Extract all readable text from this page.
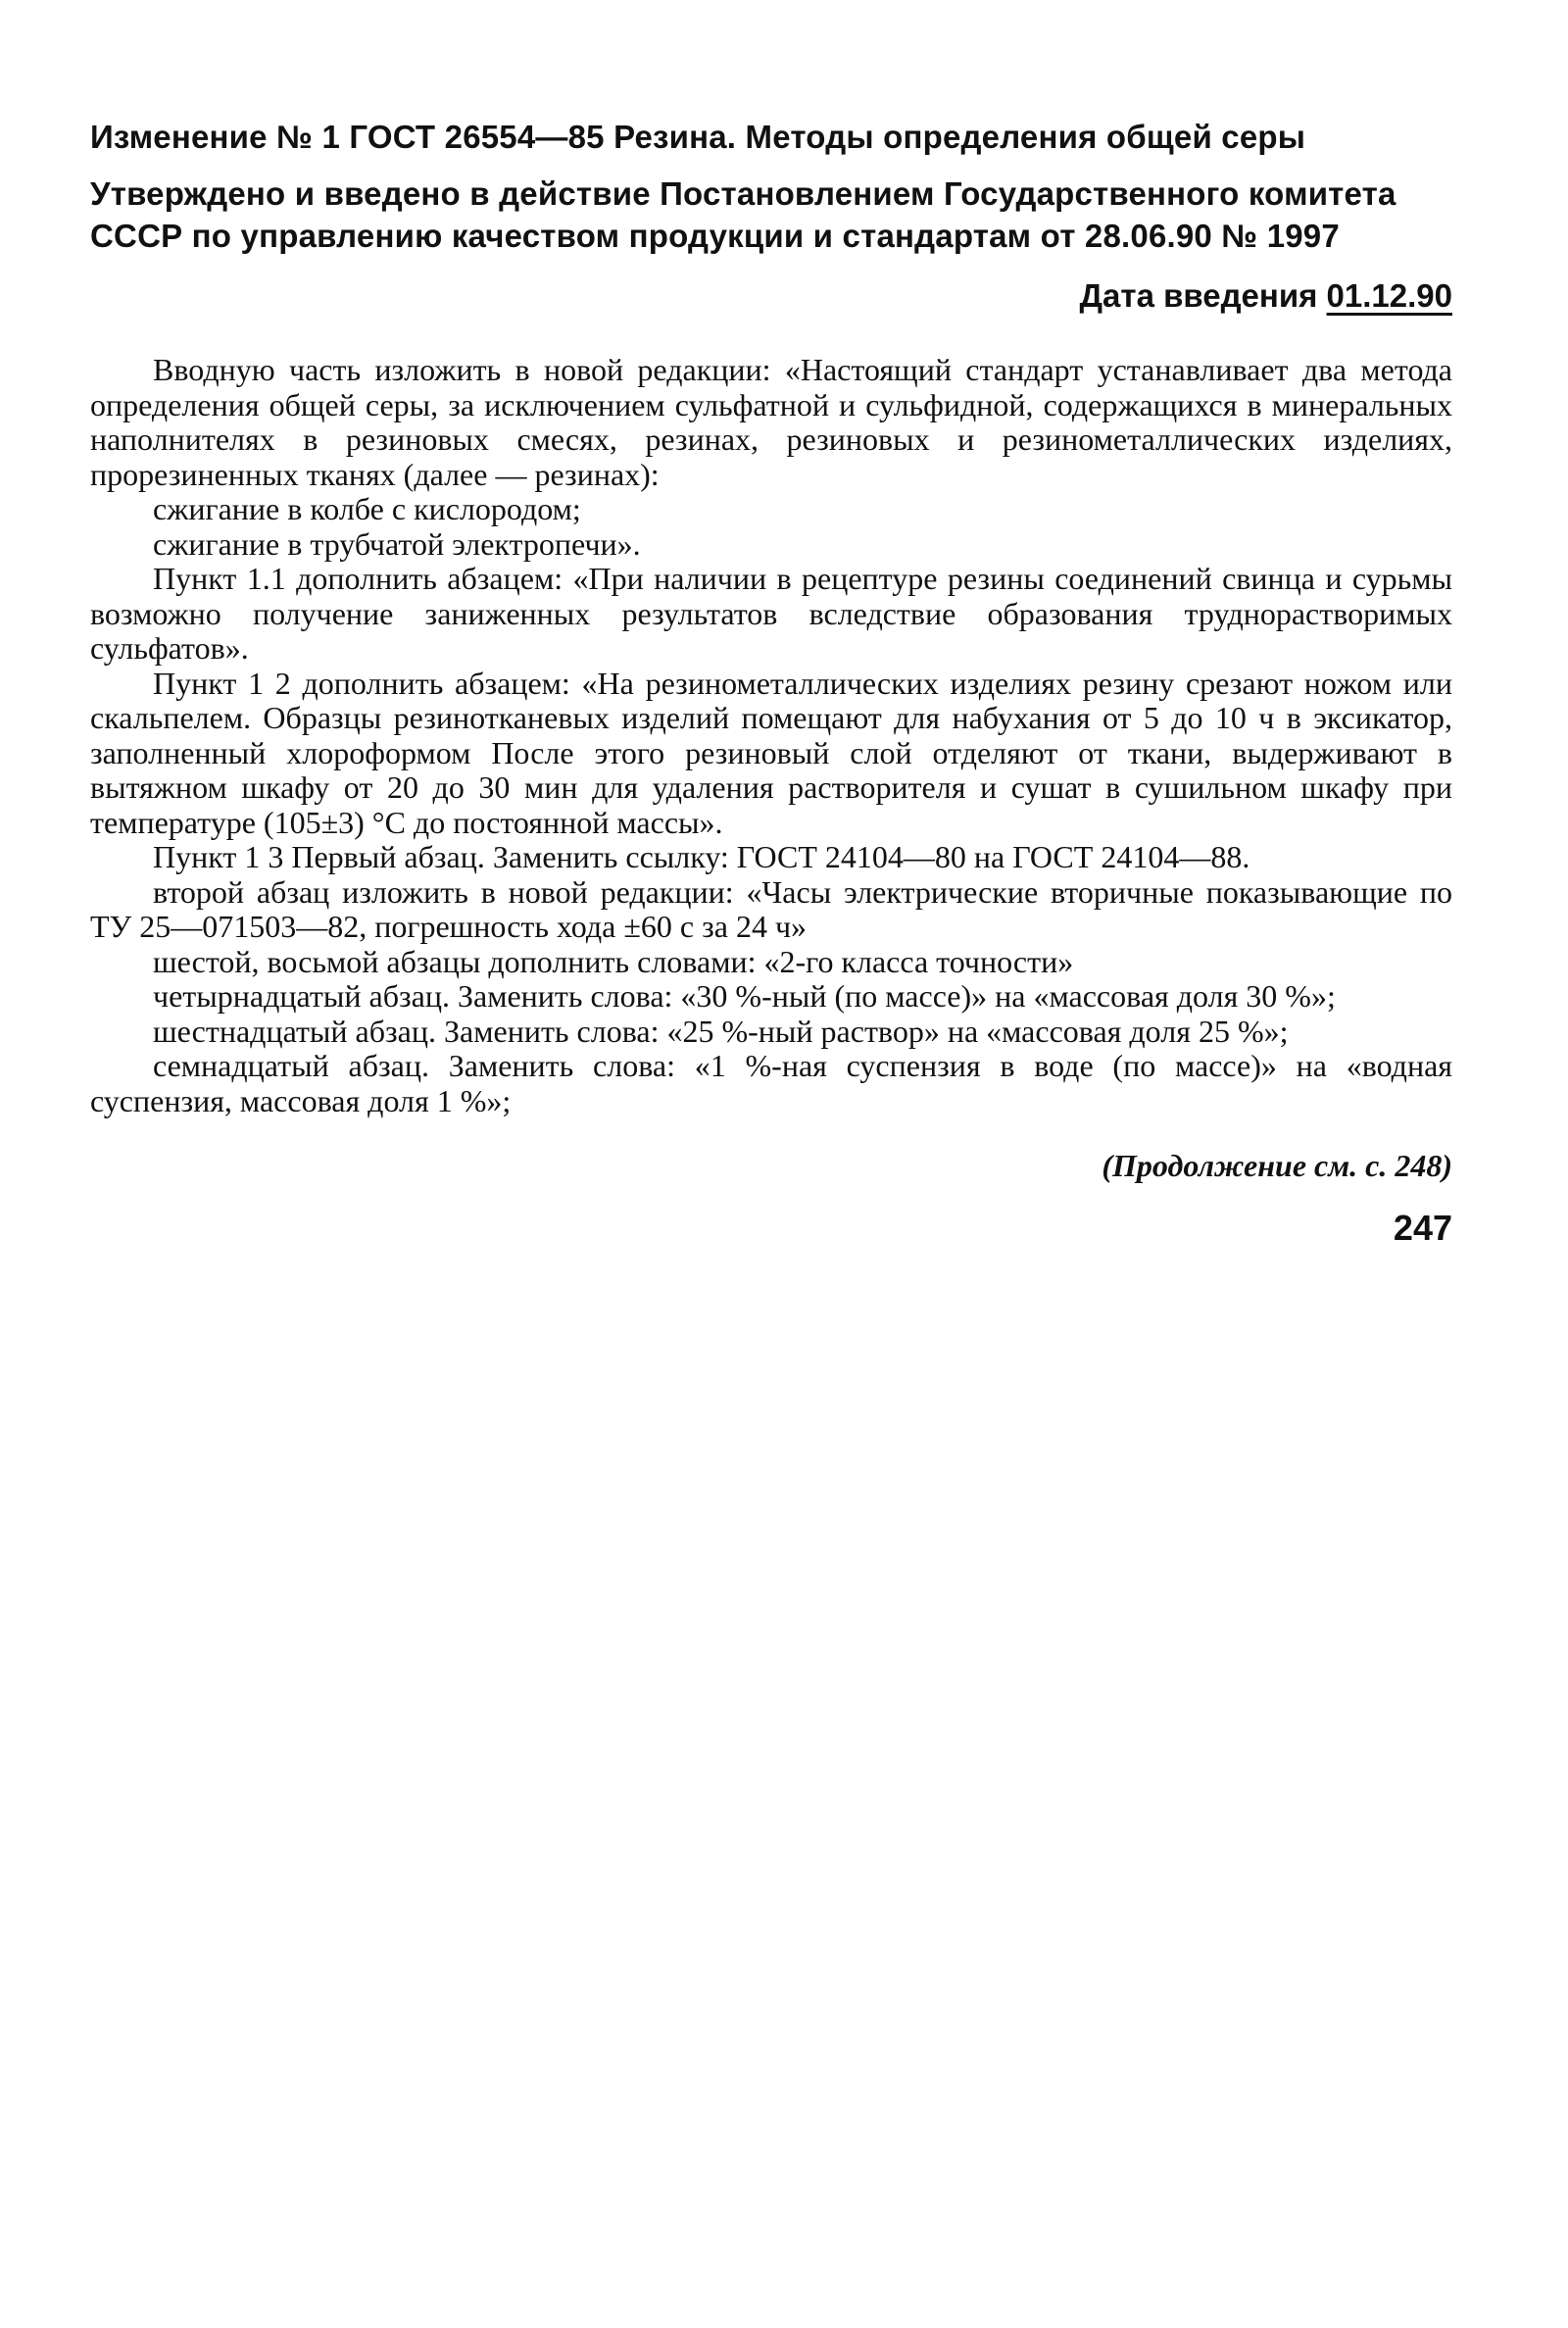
Изменение № 1 ГОСТ 26554—85 Резина. Методы определения общей серы

Утверждено и введено в действие Постановлением Государственного комитета СССР по управлению качеством продукции и стандартам от 28.06.90 № 1997

Дата введения 01.12.90

Вводную часть изложить в новой редакции: «Настоящий стандарт устанавливает два метода определения общей серы, за исключением сульфатной и сульфидной, содержащихся в минеральных наполнителях в резиновых смесях, резинах, резиновых и резинометаллических изделиях, прорезиненных тканях (далее — резинах):

сжигание в колбе с кислородом;

сжигание в трубчатой электропечи».

Пункт 1.1 дополнить абзацем: «При наличии в рецептуре резины соединений свинца и сурьмы возможно получение заниженных результатов вследствие образования труднорастворимых сульфатов».

Пункт 1 2 дополнить абзацем: «На резинометаллических изделиях резину срезают ножом или скальпелем. Образцы резинотканевых изделий помещают для набухания от 5 до 10 ч в эксикатор, заполненный хлороформом После этого резиновый слой отделяют от ткани, выдерживают в вытяжном шкафу от 20 до 30 мин для удаления растворителя и сушат в сушильном шкафу при температуре (105±3) °С до постоянной массы».

Пункт 1 3 Первый абзац. Заменить ссылку: ГОСТ 24104—80 на ГОСТ 24104—88.

второй абзац изложить в новой редакции: «Часы электрические вторичные показывающие по ТУ 25—071503—82, погрешность хода ±60 с за 24 ч»

шестой, восьмой абзацы дополнить словами: «2-го класса точности»

четырнадцатый абзац. Заменить слова: «30 %-ный (по массе)» на «массовая доля 30 %»;

шестнадцатый абзац. Заменить слова: «25 %-ный раствор» на «массовая доля 25 %»;

семнадцатый абзац. Заменить слова: «1 %-ная суспензия в воде (по массе)» на «водная суспензия, массовая доля 1 %»;

(Продолжение см. с. 248)

247
